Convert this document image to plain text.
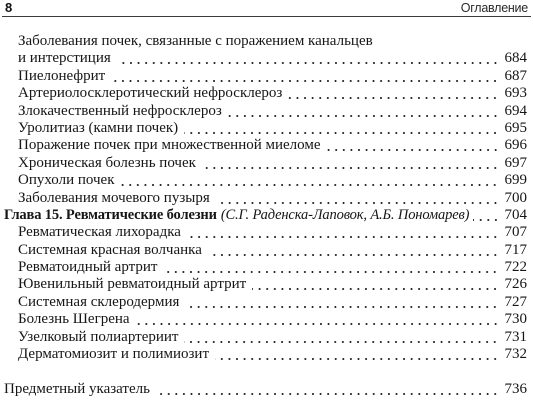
8	Оглавление
Заболевания почек, связанные с поражением канальцев
и интерстиция	684
Пиелонефрит	687
Артериолосклеротический нефросклероз	693
Злокачественный нефросклероз	694
Уролитиаз (камни почек)	695
Поражение почек при множественной миеломе	696
Хроническая болезнь почек	697
Опухоли почек	699
Заболевания мочевого пузыря	700
Глава 15. Ревматические болезни (С.Г. Раденска-Лаповок, А.Б. Пономарев) 704
Ревматическая лихорадка	707
Системная красная волчанка	717
Ревматоидный артрит	722
Ювенильный ревматоидный артрит	726
Системная склеродермия	727
Болезнь Шегрена	730
Узелковый полиартериит	731
Дерматомиозит и полимиозит	732
Предметный указатель	736
